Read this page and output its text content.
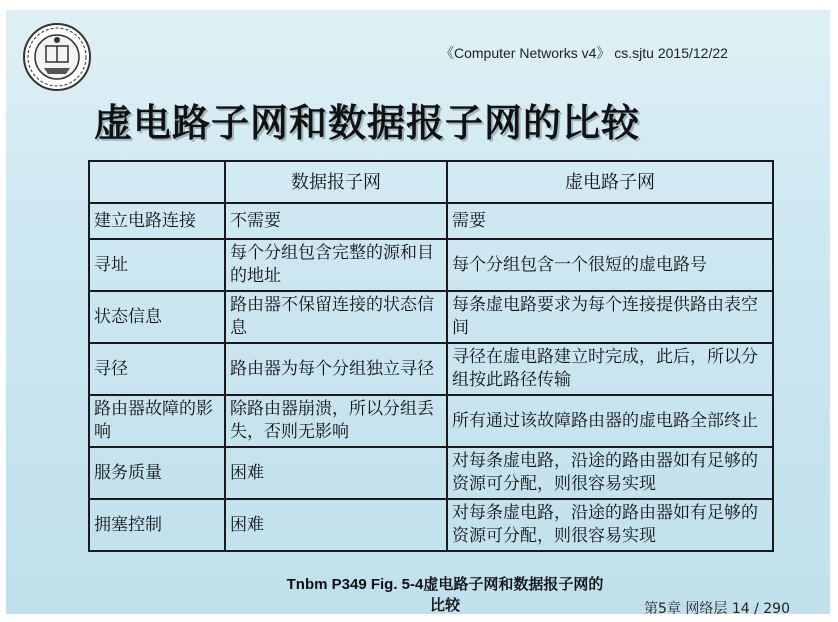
《Computer Networks v4》 cs.sjtu 2015/12/22
虚电路子网和数据报子网的比较
	数据报子网	虚电路子网
建立电路连接	不需要	需要
寻址	每个分组包含完整的源和目的地址	每个分组包含一个很短的虚电路号
状态信息	路由器不保留连接的状态信息	每条虚电路要求为每个连接提供路由表空间
寻径	路由器为每个分组独立寻径	寻径在虚电路建立时完成，此后，所以分组按此路径传输
路由器故障的影响	除路由器崩溃，所以分组丢失，否则无影响	所有通过该故障路由器的虚电路全部终止
服务质量	困难	对每条虚电路，沿途的路由器如有足够的资源可分配，则很容易实现
拥塞控制	困难	对每条虚电路，沿途的路由器如有足够的资源可分配，则很容易实现
Tnbm P349 Fig. 5-4虚电路子网和数据报子网的
比较	第5章 网络层 14 / 290
